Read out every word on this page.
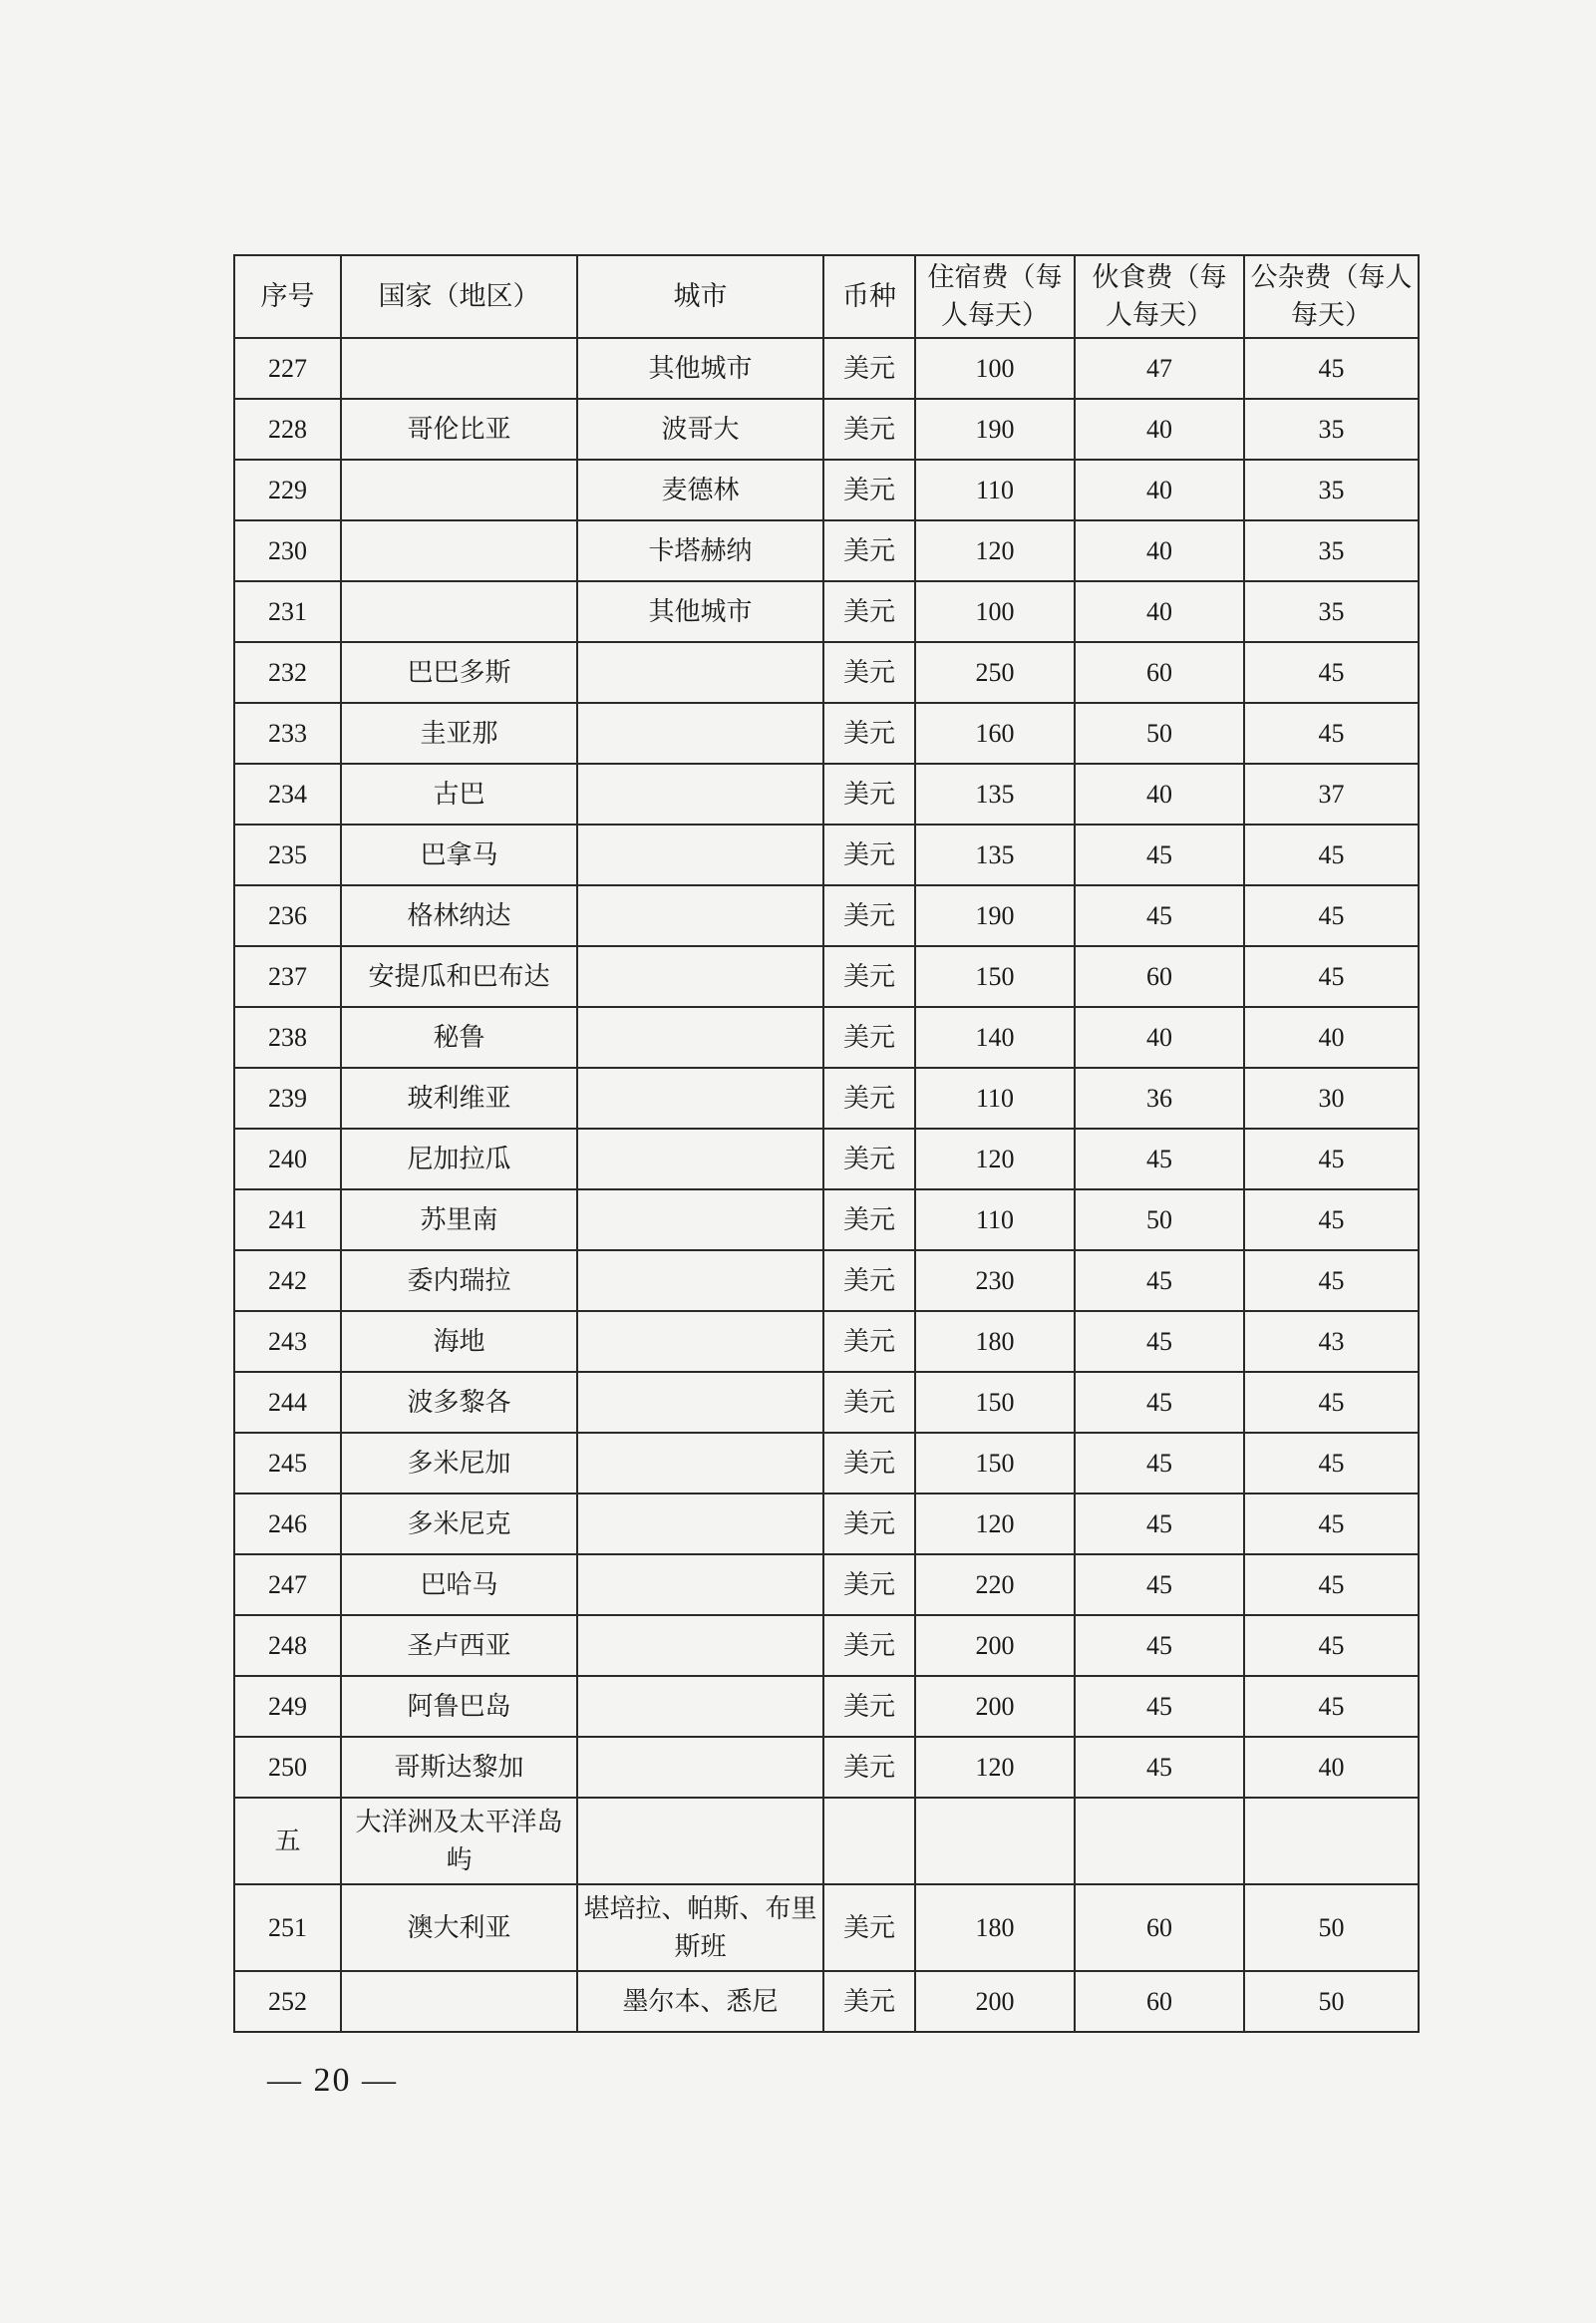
序号	国家（地区）	城市	币种	住宿费（每人每天）	伙食费（每人每天）	公杂费（每人每天）
227		其他城市	美元	100	47	45
228	哥伦比亚	波哥大	美元	190	40	35
229		麦德林	美元	110	40	35
230		卡塔赫纳	美元	120	40	35
231		其他城市	美元	100	40	35
232	巴巴多斯		美元	250	60	45
233	圭亚那		美元	160	50	45
234	古巴		美元	135	40	37
235	巴拿马		美元	135	45	45
236	格林纳达		美元	190	45	45
237	安提瓜和巴布达		美元	150	60	45
238	秘鲁		美元	140	40	40
239	玻利维亚		美元	110	36	30
240	尼加拉瓜		美元	120	45	45
241	苏里南		美元	110	50	45
242	委内瑞拉		美元	230	45	45
243	海地		美元	180	45	43
244	波多黎各		美元	150	45	45
245	多米尼加		美元	150	45	45
246	多米尼克		美元	120	45	45
247	巴哈马		美元	220	45	45
248	圣卢西亚		美元	200	45	45
249	阿鲁巴岛		美元	200	45	45
250	哥斯达黎加		美元	120	45	40
五	大洋洲及太平洋岛屿					
251	澳大利亚	堪培拉、帕斯、布里斯班	美元	180	60	50
252		墨尔本、悉尼	美元	200	60	50
— 20 —
